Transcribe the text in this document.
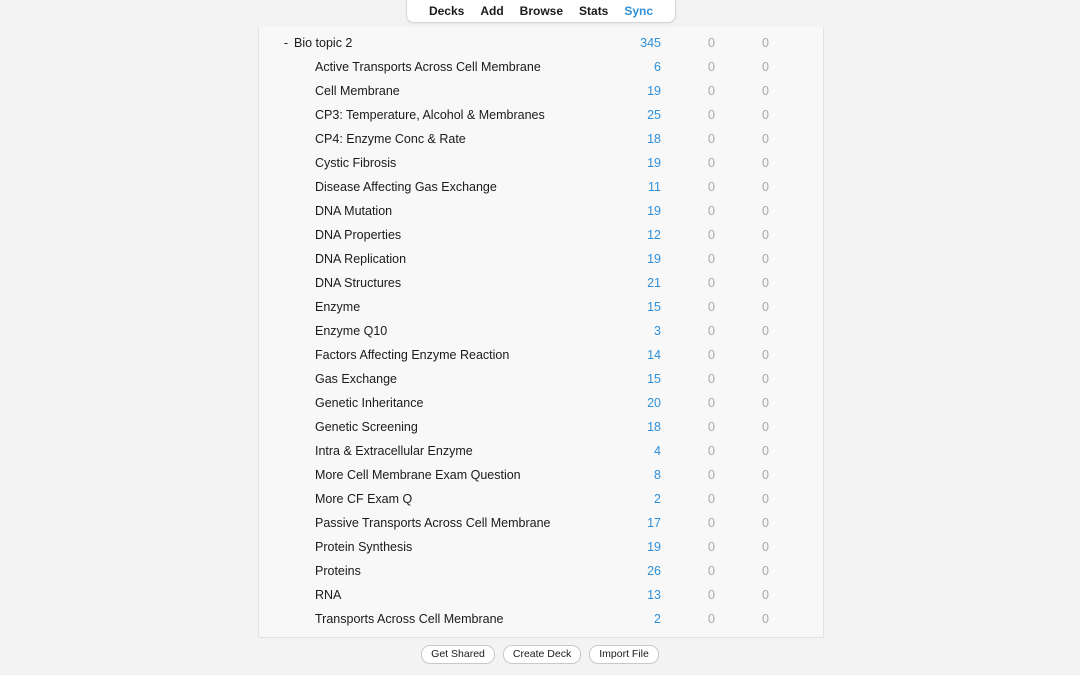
Decks	Add	Browse	Stats	Sync
- Bio topic 2	345	0	0
Active Transports Across Cell Membrane	6	0	0
Cell Membrane	19	0	0
CP3: Temperature, Alcohol & Membranes	25	0	0
CP4: Enzyme Conc & Rate	18	0	0
Cystic Fibrosis	19	0	0
Disease Affecting Gas Exchange	11	0	0
DNA Mutation	19	0	0
DNA Properties	12	0	0
DNA Replication	19	0	0
DNA Structures	21	0	0
Enzyme	15	0	0
Enzyme Q10	3	0	0
Factors Affecting Enzyme Reaction	14	0	0
Gas Exchange	15	0	0
Genetic Inheritance	20	0	0
Genetic Screening	18	0	0
Intra & Extracellular Enzyme	4	0	0
More Cell Membrane Exam Question	8	0	0
More CF Exam Q	2	0	0
Passive Transports Across Cell Membrane	17	0	0
Protein Synthesis	19	0	0
Proteins	26	0	0
RNA	13	0	0
Transports Across Cell Membrane	2	0	0
Get Shared	Create Deck	Import File
